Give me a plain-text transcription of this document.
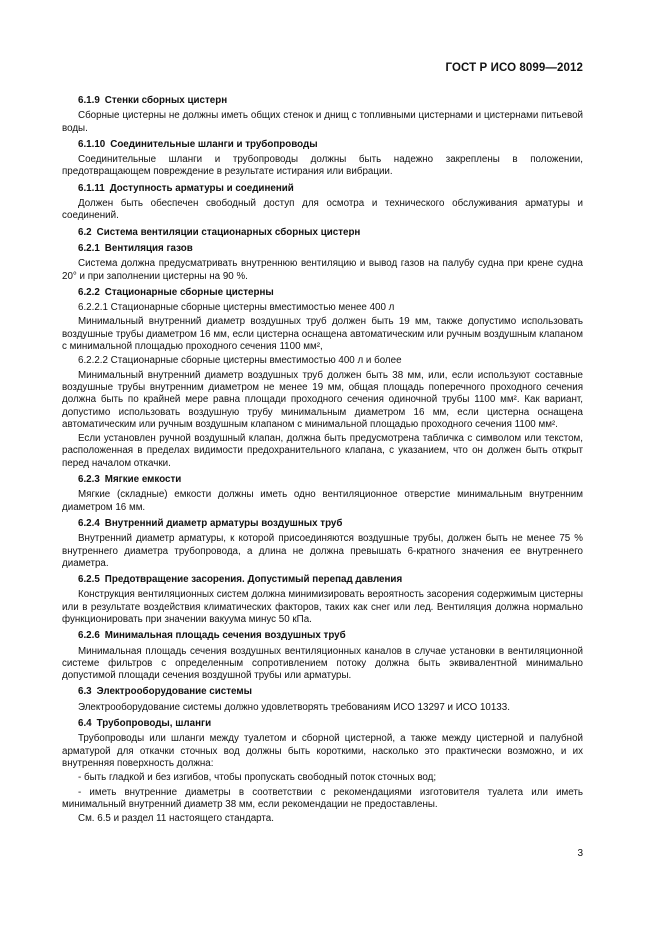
ГОСТ Р ИСО 8099—2012
6.1.9 Стенки сборных цистерн
Сборные цистерны не должны иметь общих стенок и днищ с топливными цистернами и цистернами питьевой воды.
6.1.10 Соединительные шланги и трубопроводы
Соединительные шланги и трубопроводы должны быть надежно закреплены в положении, предотвращающем повреждение в результате истирания или вибрации.
6.1.11 Доступность арматуры и соединений
Должен быть обеспечен свободный доступ для осмотра и технического обслуживания арматуры и соединений.
6.2 Система вентиляции стационарных сборных цистерн
6.2.1 Вентиляция газов
Система должна предусматривать внутреннюю вентиляцию и вывод газов на палубу судна при крене судна 20° и при заполнении цистерны на 90 %.
6.2.2 Стационарные сборные цистерны
6.2.2.1 Стационарные сборные цистерны вместимостью менее 400 л
Минимальный внутренний диаметр воздушных труб должен быть 19 мм, также допустимо использовать воздушные трубы диаметром 16 мм, если цистерна оснащена автоматическим или ручным воздушным клапаном с минимальной площадью проходного сечения 1100 мм²,
6.2.2.2 Стационарные сборные цистерны вместимостью 400 л и более
Минимальный внутренний диаметр воздушных труб должен быть 38 мм, или, если используют составные воздушные трубы внутренним диаметром не менее 19 мм, общая площадь поперечного проходного сечения должна быть по крайней мере равна площади проходного сечения одиночной трубы 1100 мм². Как вариант, допустимо использовать воздушную трубу минимальным диаметром 16 мм, если цистерна оснащена автоматическим или ручным воздушным клапаном с минимальной площадью проходного сечения 1100 мм².
Если установлен ручной воздушный клапан, должна быть предусмотрена табличка с символом или текстом, расположенная в пределах видимости предохранительного клапана, с указанием, что он должен быть открыт перед началом откачки.
6.2.3 Мягкие емкости
Мягкие (складные) емкости должны иметь одно вентиляционное отверстие минимальным внутренним диаметром 16 мм.
6.2.4 Внутренний диаметр арматуры воздушных труб
Внутренний диаметр арматуры, к которой присоединяются воздушные трубы, должен быть не менее 75 % внутреннего диаметра трубопровода, а длина не должна превышать 6-кратного значения ее внутреннего диаметра.
6.2.5 Предотвращение засорения. Допустимый перепад давления
Конструкция вентиляционных систем должна минимизировать вероятность засорения содержимым цистерны или в результате воздействия климатических факторов, таких как снег или лед. Вентиляция должна нормально функционировать при значении вакуума минус 50 кПа.
6.2.6 Минимальная площадь сечения воздушных труб
Минимальная площадь сечения воздушных вентиляционных каналов в случае установки в вентиляционной системе фильтров с определенным сопротивлением потоку должна быть эквивалентной минимально допустимой площади сечения воздушной трубы или арматуры.
6.3 Электрооборудование системы
Электрооборудование системы должно удовлетворять требованиям ИСО 13297 и ИСО 10133.
6.4 Трубопроводы, шланги
Трубопроводы или шланги между туалетом и сборной цистерной, а также между цистерной и палубной арматурой для откачки сточных вод должны быть короткими, насколько это практически возможно, и их внутренняя поверхность должна:
- быть гладкой и без изгибов, чтобы пропускать свободный поток сточных вод;
- иметь внутренние диаметры в соответствии с рекомендациями изготовителя туалета или иметь минимальный внутренний диаметр 38 мм, если рекомендации не предоставлены.
См. 6.5 и раздел 11 настоящего стандарта.
3
